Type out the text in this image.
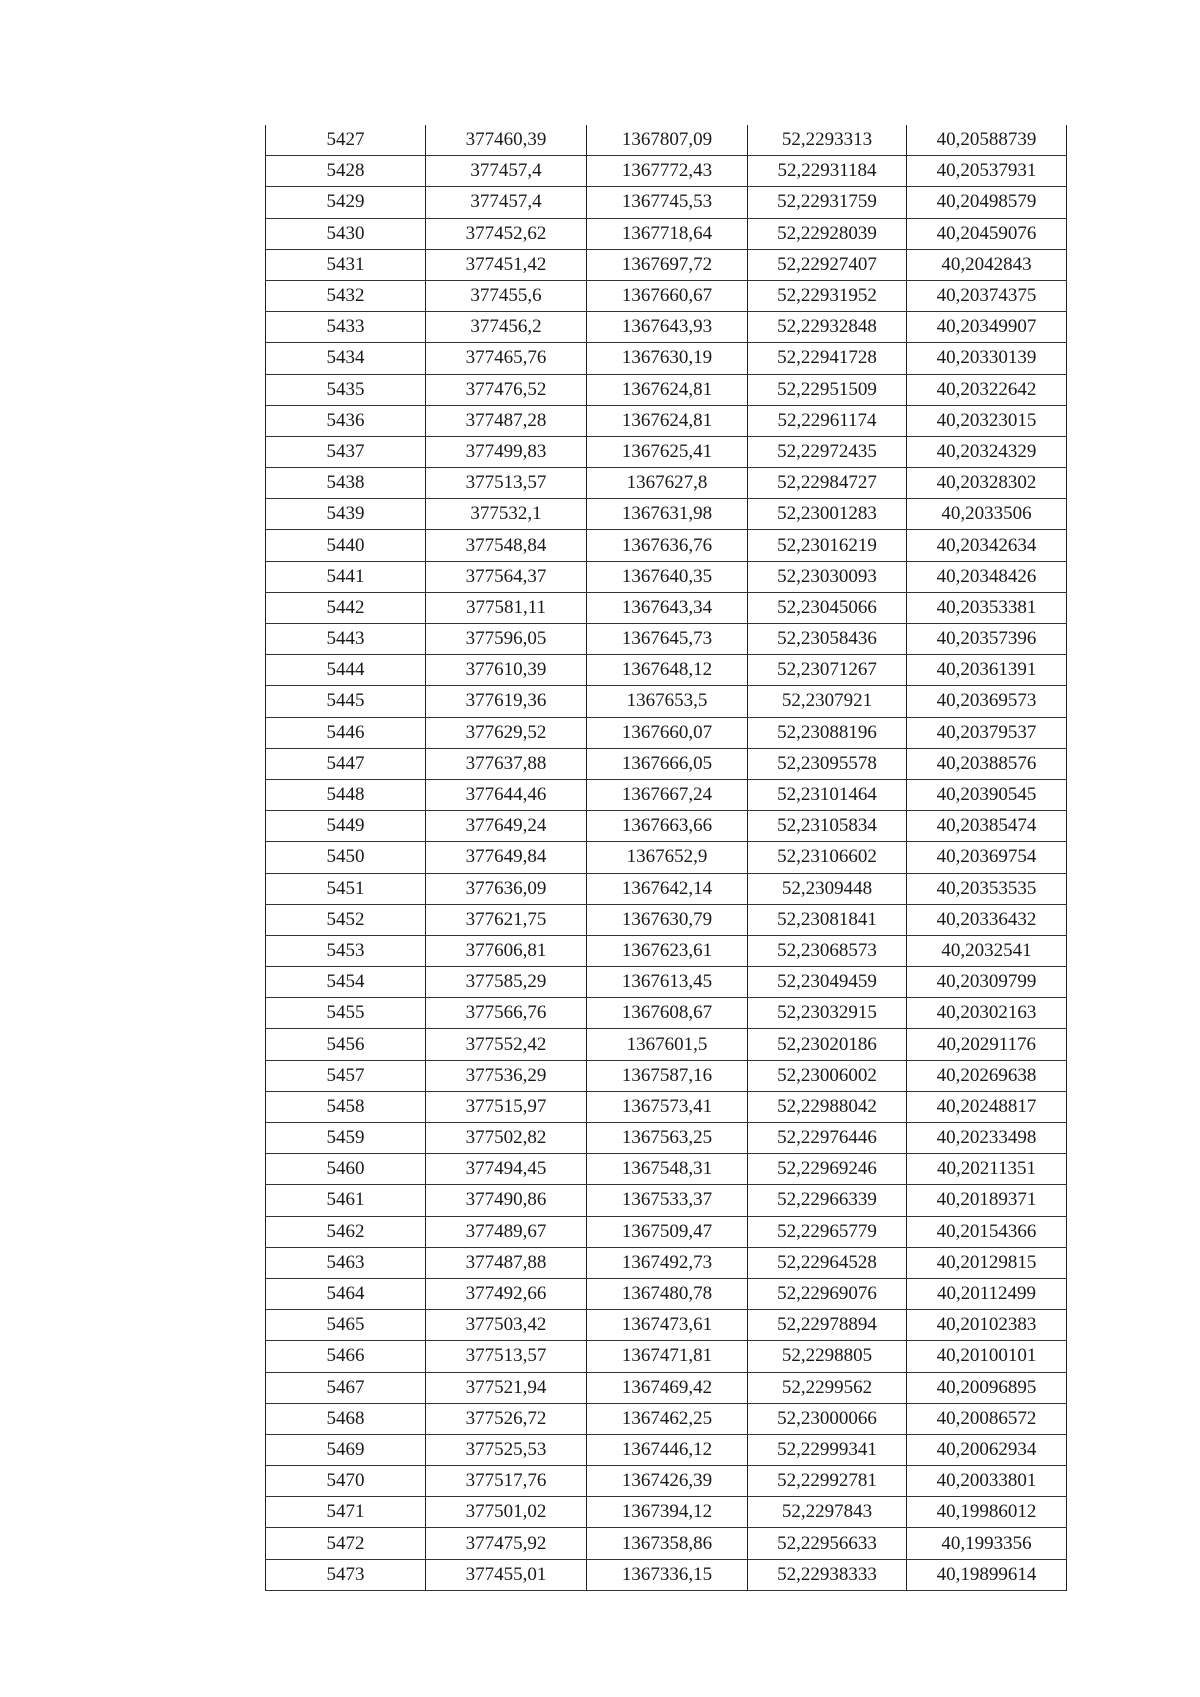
5427	377460,39	1367807,09	52,2293313	40,20588739
5428	377457,4	1367772,43	52,22931184	40,20537931
5429	377457,4	1367745,53	52,22931759	40,20498579
5430	377452,62	1367718,64	52,22928039	40,20459076
5431	377451,42	1367697,72	52,22927407	40,2042843
5432	377455,6	1367660,67	52,22931952	40,20374375
5433	377456,2	1367643,93	52,22932848	40,20349907
5434	377465,76	1367630,19	52,22941728	40,20330139
5435	377476,52	1367624,81	52,22951509	40,20322642
5436	377487,28	1367624,81	52,22961174	40,20323015
5437	377499,83	1367625,41	52,22972435	40,20324329
5438	377513,57	1367627,8	52,22984727	40,20328302
5439	377532,1	1367631,98	52,23001283	40,2033506
5440	377548,84	1367636,76	52,23016219	40,20342634
5441	377564,37	1367640,35	52,23030093	40,20348426
5442	377581,11	1367643,34	52,23045066	40,20353381
5443	377596,05	1367645,73	52,23058436	40,20357396
5444	377610,39	1367648,12	52,23071267	40,20361391
5445	377619,36	1367653,5	52,2307921	40,20369573
5446	377629,52	1367660,07	52,23088196	40,20379537
5447	377637,88	1367666,05	52,23095578	40,20388576
5448	377644,46	1367667,24	52,23101464	40,20390545
5449	377649,24	1367663,66	52,23105834	40,20385474
5450	377649,84	1367652,9	52,23106602	40,20369754
5451	377636,09	1367642,14	52,2309448	40,20353535
5452	377621,75	1367630,79	52,23081841	40,20336432
5453	377606,81	1367623,61	52,23068573	40,2032541
5454	377585,29	1367613,45	52,23049459	40,20309799
5455	377566,76	1367608,67	52,23032915	40,20302163
5456	377552,42	1367601,5	52,23020186	40,20291176
5457	377536,29	1367587,16	52,23006002	40,20269638
5458	377515,97	1367573,41	52,22988042	40,20248817
5459	377502,82	1367563,25	52,22976446	40,20233498
5460	377494,45	1367548,31	52,22969246	40,20211351
5461	377490,86	1367533,37	52,22966339	40,20189371
5462	377489,67	1367509,47	52,22965779	40,20154366
5463	377487,88	1367492,73	52,22964528	40,20129815
5464	377492,66	1367480,78	52,22969076	40,20112499
5465	377503,42	1367473,61	52,22978894	40,20102383
5466	377513,57	1367471,81	52,2298805	40,20100101
5467	377521,94	1367469,42	52,2299562	40,20096895
5468	377526,72	1367462,25	52,23000066	40,20086572
5469	377525,53	1367446,12	52,22999341	40,20062934
5470	377517,76	1367426,39	52,22992781	40,20033801
5471	377501,02	1367394,12	52,2297843	40,19986012
5472	377475,92	1367358,86	52,22956633	40,1993356
5473	377455,01	1367336,15	52,22938333	40,19899614
